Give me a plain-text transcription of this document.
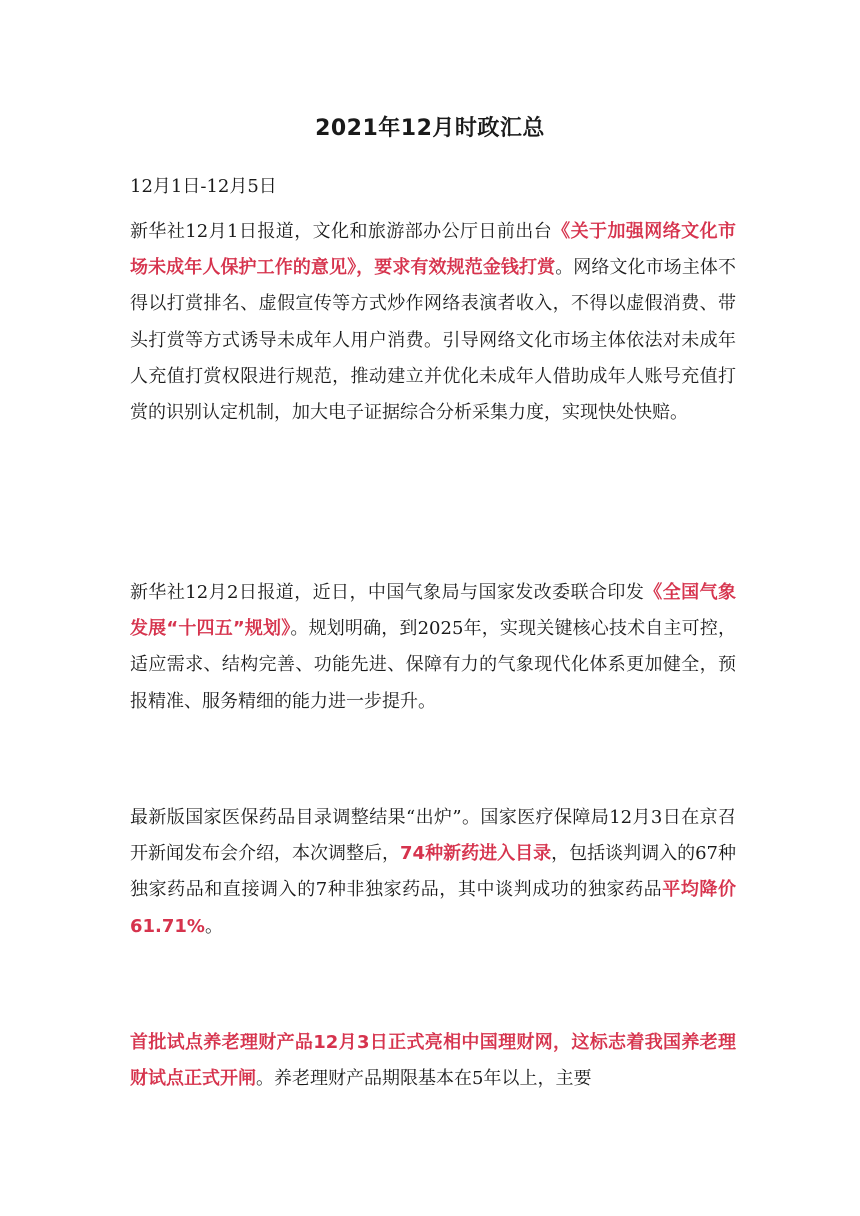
2021年12月时政汇总
12月1日-12月5日
新华社12月1日报道，文化和旅游部办公厅日前出台《关于加强网络文化市场未成年人保护工作的意见》，要求有效规范金钱打赏。网络文化市场主体不得以打赏排名、虚假宣传等方式炒作网络表演者收入，不得以虚假消费、带头打赏等方式诱导未成年人用户消费。引导网络文化市场主体依法对未成年人充值打赏权限进行规范，推动建立并优化未成年人借助成年人账号充值打赏的识别认定机制，加大电子证据综合分析采集力度，实现快处快赔。
新华社12月2日报道，近日，中国气象局与国家发改委联合印发《全国气象发展“十四五”规划》。规划明确，到2025年，实现关键核心技术自主可控，适应需求、结构完善、功能先进、保障有力的气象现代化体系更加健全，预报精准、服务精细的能力进一步提升。
最新版国家医保药品目录调整结果“出炉”。国家医疗保障局12月3日在京召开新闻发布会介绍，本次调整后，74种新药进入目录，包括谈判调入的67种独家药品和直接调入的7种非独家药品，其中谈判成功的独家药品平均降价61.71%。
首批试点养老理财产品12月3日正式亮相中国理财网，这标志着我国养老理财试点正式开闸。养老理财产品期限基本在5年以上，主要
